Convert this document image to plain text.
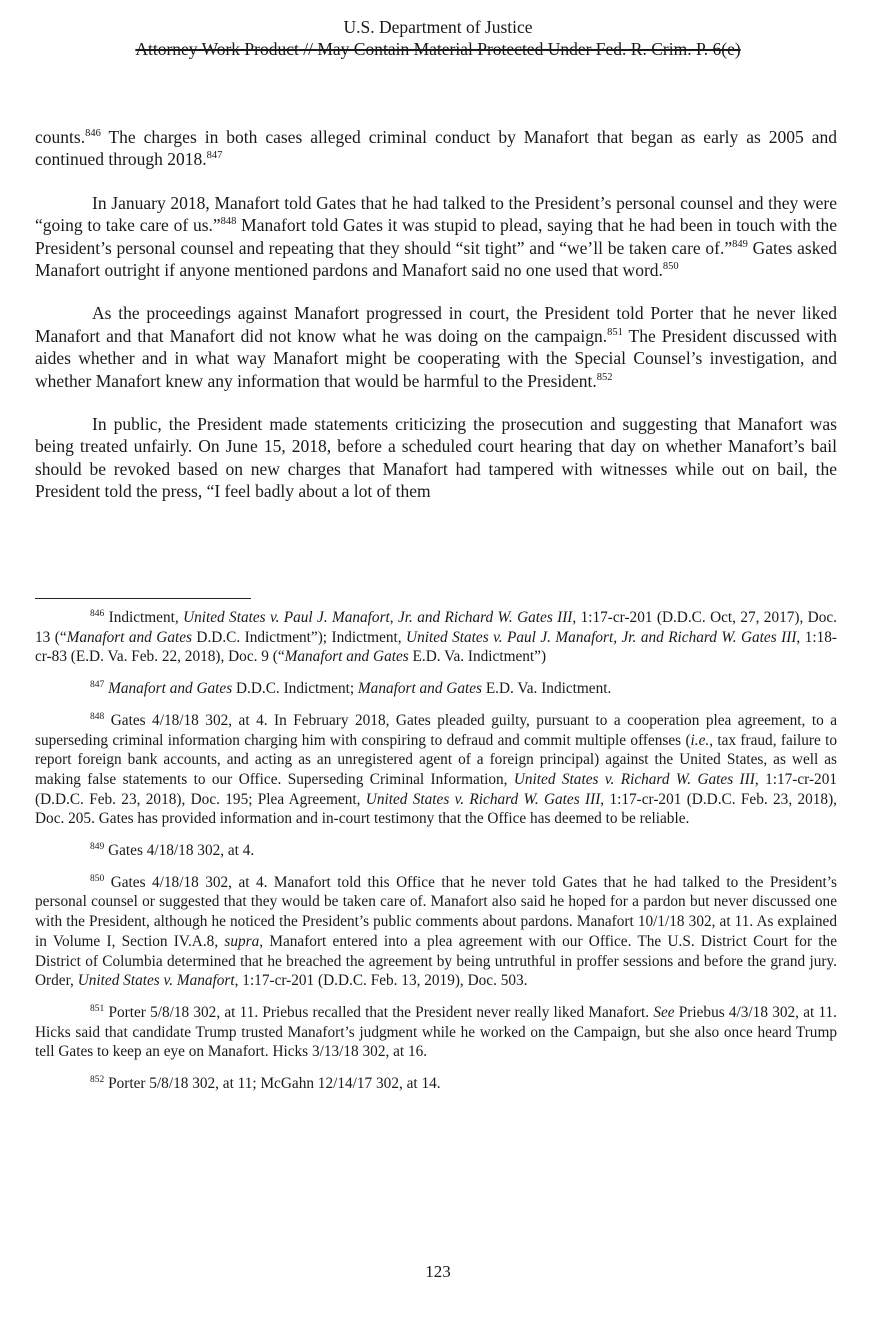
U.S. Department of Justice
Attorney Work Product // May Contain Material Protected Under Fed. R. Crim. P. 6(e)

counts.$^{846}$ The charges in both cases alleged criminal conduct by Manafort that began as early as 2005 and continued through 2018.$^{847}$

In January 2018, Manafort told Gates that he had talked to the President’s personal counsel and they were “going to take care of us.”$^{848}$ Manafort told Gates it was stupid to plead, saying that he had been in touch with the President’s personal counsel and repeating that they should “sit tight” and “we’ll be taken care of.”$^{849}$ Gates asked Manafort outright if anyone mentioned pardons and Manafort said no one used that word.$^{850}$

As the proceedings against Manafort progressed in court, the President told Porter that he never liked Manafort and that Manafort did not know what he was doing on the campaign.$^{851}$ The President discussed with aides whether and in what way Manafort might be cooperating with the Special Counsel’s investigation, and whether Manafort knew any information that would be harmful to the President.$^{852}$

In public, the President made statements criticizing the prosecution and suggesting that Manafort was being treated unfairly. On June 15, 2018, before a scheduled court hearing that day on whether Manafort’s bail should be revoked based on new charges that Manafort had tampered with witnesses while out on bail, the President told the press, “I feel badly about a lot of them

$^{846}$ Indictment, United States v. Paul J. Manafort, Jr. and Richard W. Gates III, 1:17-cr-201 (D.D.C. Oct, 27, 2017), Doc. 13 (“Manafort and Gates D.D.C. Indictment”); Indictment, United States v. Paul J. Manafort, Jr. and Richard W. Gates III, 1:18-cr-83 (E.D. Va. Feb. 22, 2018), Doc. 9 (“Manafort and Gates E.D. Va. Indictment”)

$^{847}$ Manafort and Gates D.D.C. Indictment; Manafort and Gates E.D. Va. Indictment.

$^{848}$ Gates 4/18/18 302, at 4. In February 2018, Gates pleaded guilty, pursuant to a cooperation plea agreement, to a superseding criminal information charging him with conspiring to defraud and commit multiple offenses (i.e., tax fraud, failure to report foreign bank accounts, and acting as an unregistered agent of a foreign principal) against the United States, as well as making false statements to our Office. Superseding Criminal Information, United States v. Richard W. Gates III, 1:17-cr-201 (D.D.C. Feb. 23, 2018), Doc. 195; Plea Agreement, United States v. Richard W. Gates III, 1:17-cr-201 (D.D.C. Feb. 23, 2018), Doc. 205. Gates has provided information and in-court testimony that the Office has deemed to be reliable.

$^{849}$ Gates 4/18/18 302, at 4.

$^{850}$ Gates 4/18/18 302, at 4. Manafort told this Office that he never told Gates that he had talked to the President’s personal counsel or suggested that they would be taken care of. Manafort also said he hoped for a pardon but never discussed one with the President, although he noticed the President’s public comments about pardons. Manafort 10/1/18 302, at 11. As explained in Volume I, Section IV.A.8, supra, Manafort entered into a plea agreement with our Office. The U.S. District Court for the District of Columbia determined that he breached the agreement by being untruthful in proffer sessions and before the grand jury. Order, United States v. Manafort, 1:17-cr-201 (D.D.C. Feb. 13, 2019), Doc. 503.

$^{851}$ Porter 5/8/18 302, at 11. Priebus recalled that the President never really liked Manafort. See Priebus 4/3/18 302, at 11. Hicks said that candidate Trump trusted Manafort’s judgment while he worked on the Campaign, but she also once heard Trump tell Gates to keep an eye on Manafort. Hicks 3/13/18 302, at 16.

$^{852}$ Porter 5/8/18 302, at 11; McGahn 12/14/17 302, at 14.

123
